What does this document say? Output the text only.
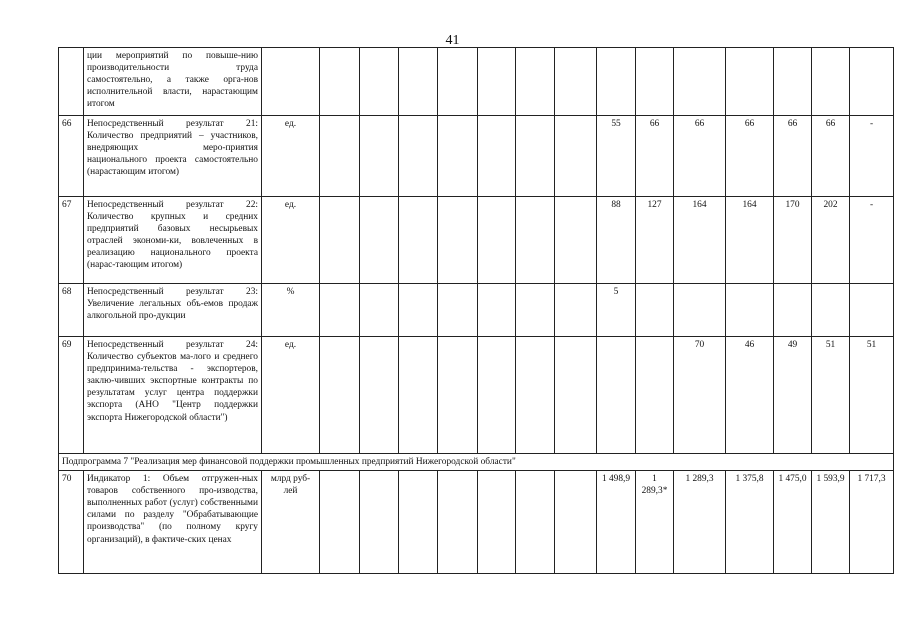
41
	ции мероприятий по повыше-нию производительности труда самостоятельно, а также орга-нов исполнительной власти, нарастающим итогом															
66	Непосредственный результат 21: Количество предприятий – участников, внедряющих меро-приятия национального проекта самостоятельно (нарастающим итогом)	ед.								55	66	66	66	66	66	-
67	Непосредственный результат 22: Количество крупных и средних предприятий базовых несырьевых отраслей экономи-ки, вовлеченных в реализацию национального проекта (нарас-тающим итогом)	ед.								88	127	164	164	170	202	-
68	Непосредственный результат 23: Увеличение легальных объ-емов продаж алкогольной про-дукции	%								5						
69	Непосредственный результат 24: Количество субъектов ма-лого и среднего предпринима-тельства - экспортеров, заклю-чивших экспортные контракты по результатам услуг центра поддержки экспорта (АНО "Центр поддержки экспорта Нижегородской области")	ед.										70	46	49	51	51
Подпрограмма 7 "Реализация мер финансовой поддержки промышленных предприятий Нижегородской области"																
70	Индикатор 1: Объем отгружен-ных товаров собственного про-изводства, выполненных работ (услуг) собственными силами по разделу "Обрабатывающие производства" (по полному кругу организаций), в фактиче-ских ценах	млрд руб-лей								1 498,9	1 289,3*	1 289,3	1 375,8	1 475,0	1 593,9	1 717,3
